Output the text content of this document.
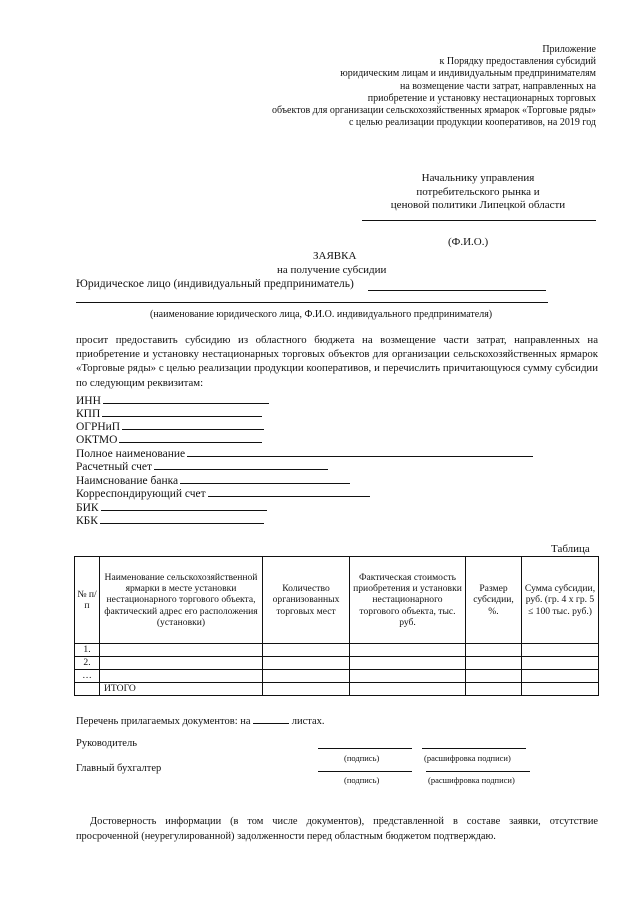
Приложение
к Порядку предоставления субсидий
юридическим лицам и индивидуальным предпринимателям
на возмещение части затрат, направленных на
приобретение и установку нестационарных торговых
объектов для организации сельскохозяйственных ярмарок «Торговые ряды»
с целью реализации продукции кооперативов, на 2019 год
Начальнику управления
потребительского рынка и
ценовой политики Липецкой области
(Ф.И.О.)
ЗАЯВКА
на получение субсидии
Юридическое лицо (индивидуальный предприниматель)
(наименование юридического лица, Ф.И.О. индивидуального предпринимателя)
просит предоставить субсидию из областного бюджета на возмещение части затрат, направленных на приобретение и установку нестационарных торговых объектов для организации сельскохозяйственных ярмарок «Торговые ряды» с целью реализации продукции кооперативов, и перечислить причитающуюся сумму субсидии по следующим реквизитам:
ИНН
КПП
ОГРНиП
ОКТМО
Полное наименование
Расчетный счет
Наимснование банка
Корреспондирующий счет
БИК
КБК
Таблица
№ п/п	Наименование сельскохозяйственной ярмарки в месте установки нестационарного торгового объекта, фактический адрес его расположения (установки)	Количество организованных торговых мест	Фактическая стоимость приобретения и установки нестационарного торгового объекта, тыс. руб.	Размер субсидии, %.	Сумма субсидии, руб. (гр. 4 х гр. 5 ≤ 100 тыс. руб.)
1.					
2.					
…					
	ИТОГО				
Перечень прилагаемых документов: на	листах.
Руководитель
(подпись)	(расшифровка подписи)
Главный бухгалтер
(подпись)	(расшифровка подписи)
Достоверность информации (в том числе документов), представленной в составе заявки, отсутствие просроченной (неурегулированной) задолженности перед областным бюджетом подтверждаю.
